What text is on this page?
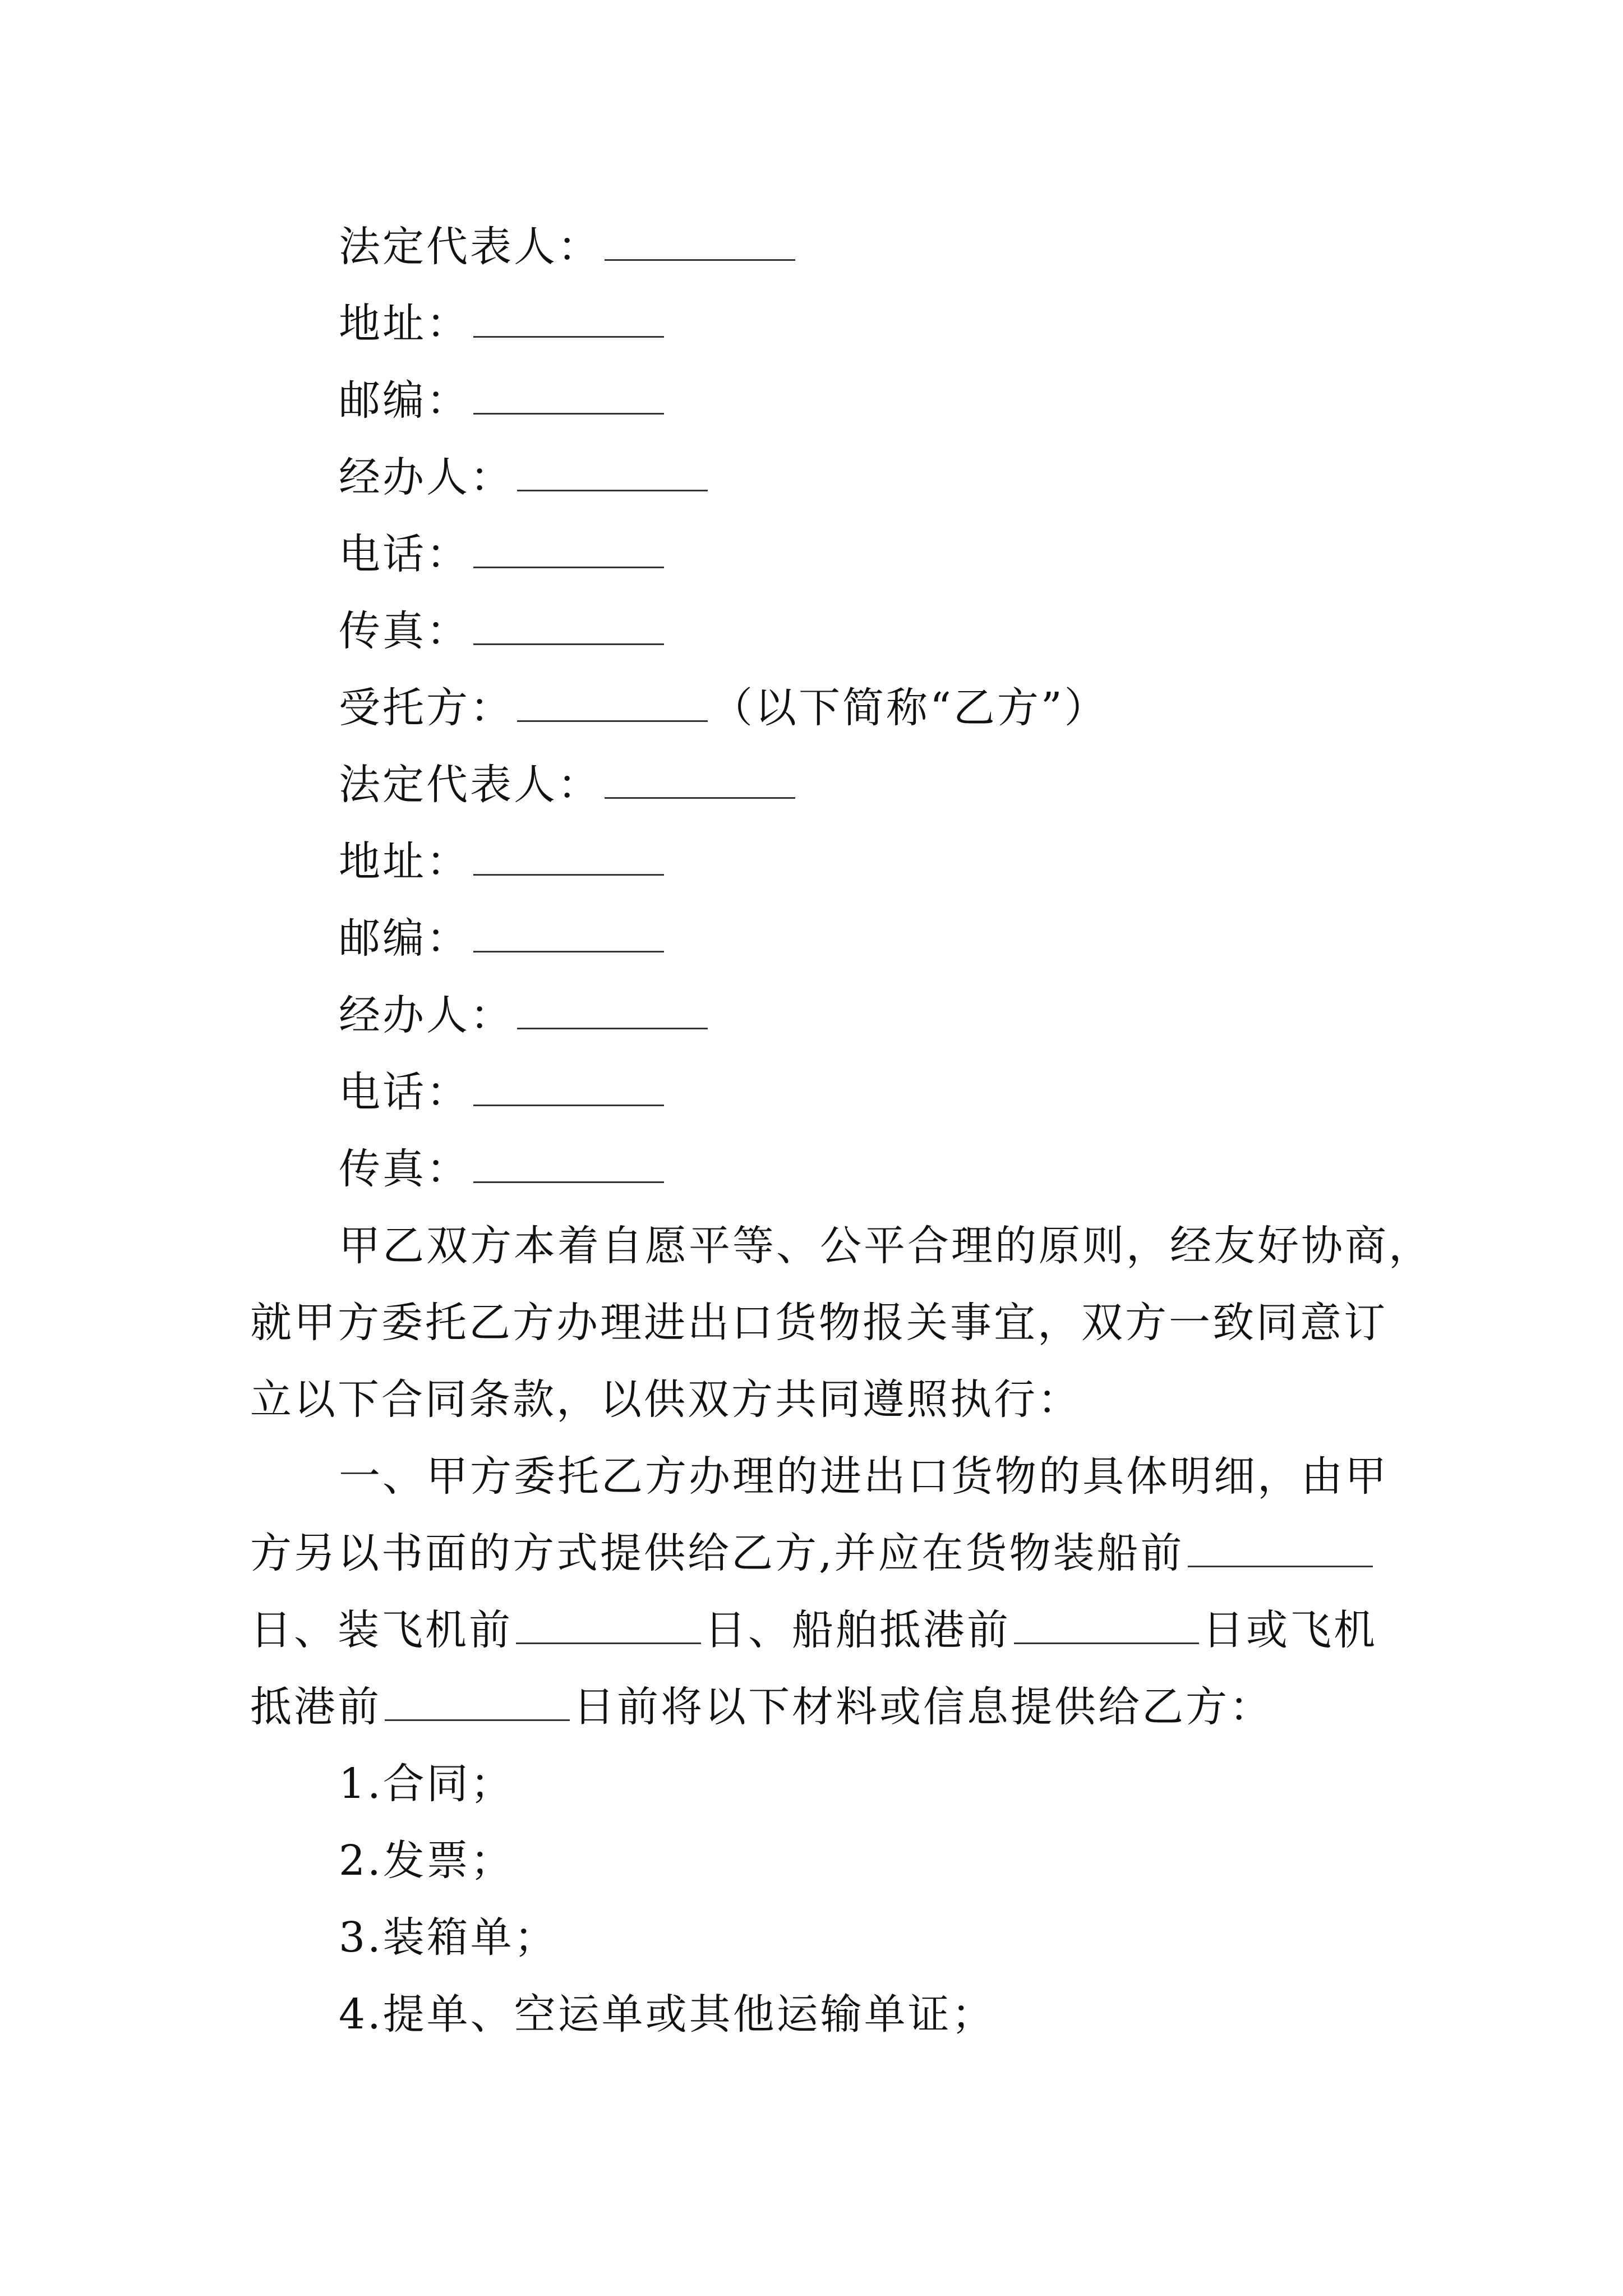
法定代表人：
地址：
邮编：
经办人：
电话：
传真：
受托方：	（以下简称“乙方”）
法定代表人：
地址：
邮编：
经办人：
电话：
传真：
甲乙双方本着自愿平等、公平合理的原则，经友好协商，
就甲方委托乙方办理进出口货物报关事宜，双方一致同意订
立以下合同条款，以供双方共同遵照执行：
一、甲方委托乙方办理的进出口货物的具体明细，由甲
方另以书面的方式提供给乙方,并应在货物装船前
日、装飞机前	日、船舶抵港前	日或飞机
抵港前	日前将以下材料或信息提供给乙方：
1.合同；
2.发票；
3.装箱单；
4.提单、空运单或其他运输单证；
